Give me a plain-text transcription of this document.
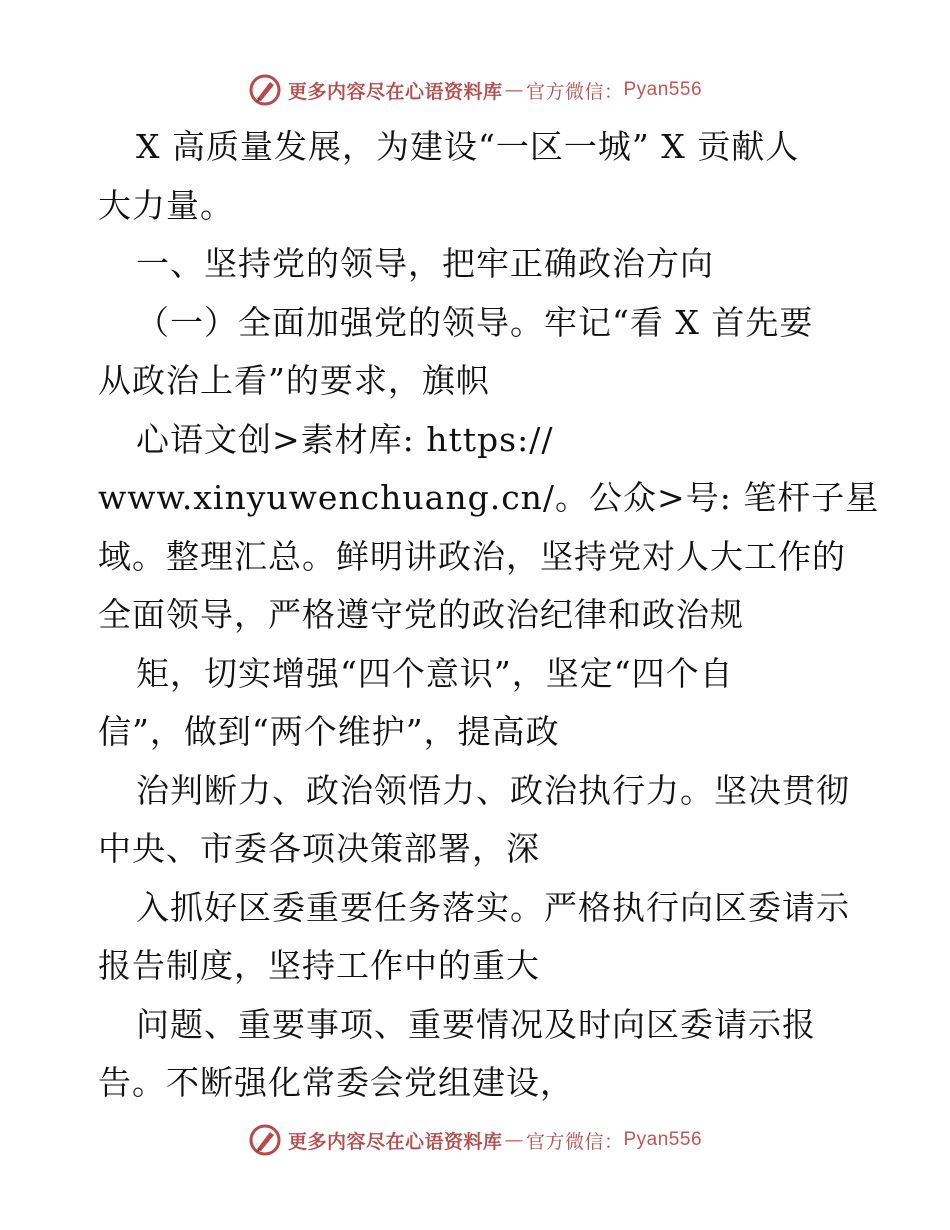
更多内容尽在心语资料库 — 官方微信： Pyan556
X 高质量发展，为建设“一区一城” X 贡献人
大力量。
一、坚持党的领导，把牢正确政治方向
（一）全面加强党的领导。牢记“看 X 首先要
从政治上看”的要求，旗帜
心语文创>素材库: https://
www.xinyuwenchuang.cn/。公众>号: 笔杆子星
域。整理汇总。鲜明讲政治，坚持党对人大工作的
全面领导，严格遵守党的政治纪律和政治规
矩，切实增强“四个意识”，坚定“四个自
信”，做到“两个维护”，提高政
治判断力、政治领悟力、政治执行力。坚决贯彻
中央、市委各项决策部署，深
入抓好区委重要任务落实。严格执行向区委请示
报告制度，坚持工作中的重大
问题、重要事项、重要情况及时向区委请示报
告。不断强化常委会党组建设，
更多内容尽在心语资料库 — 官方微信： Pyan556
